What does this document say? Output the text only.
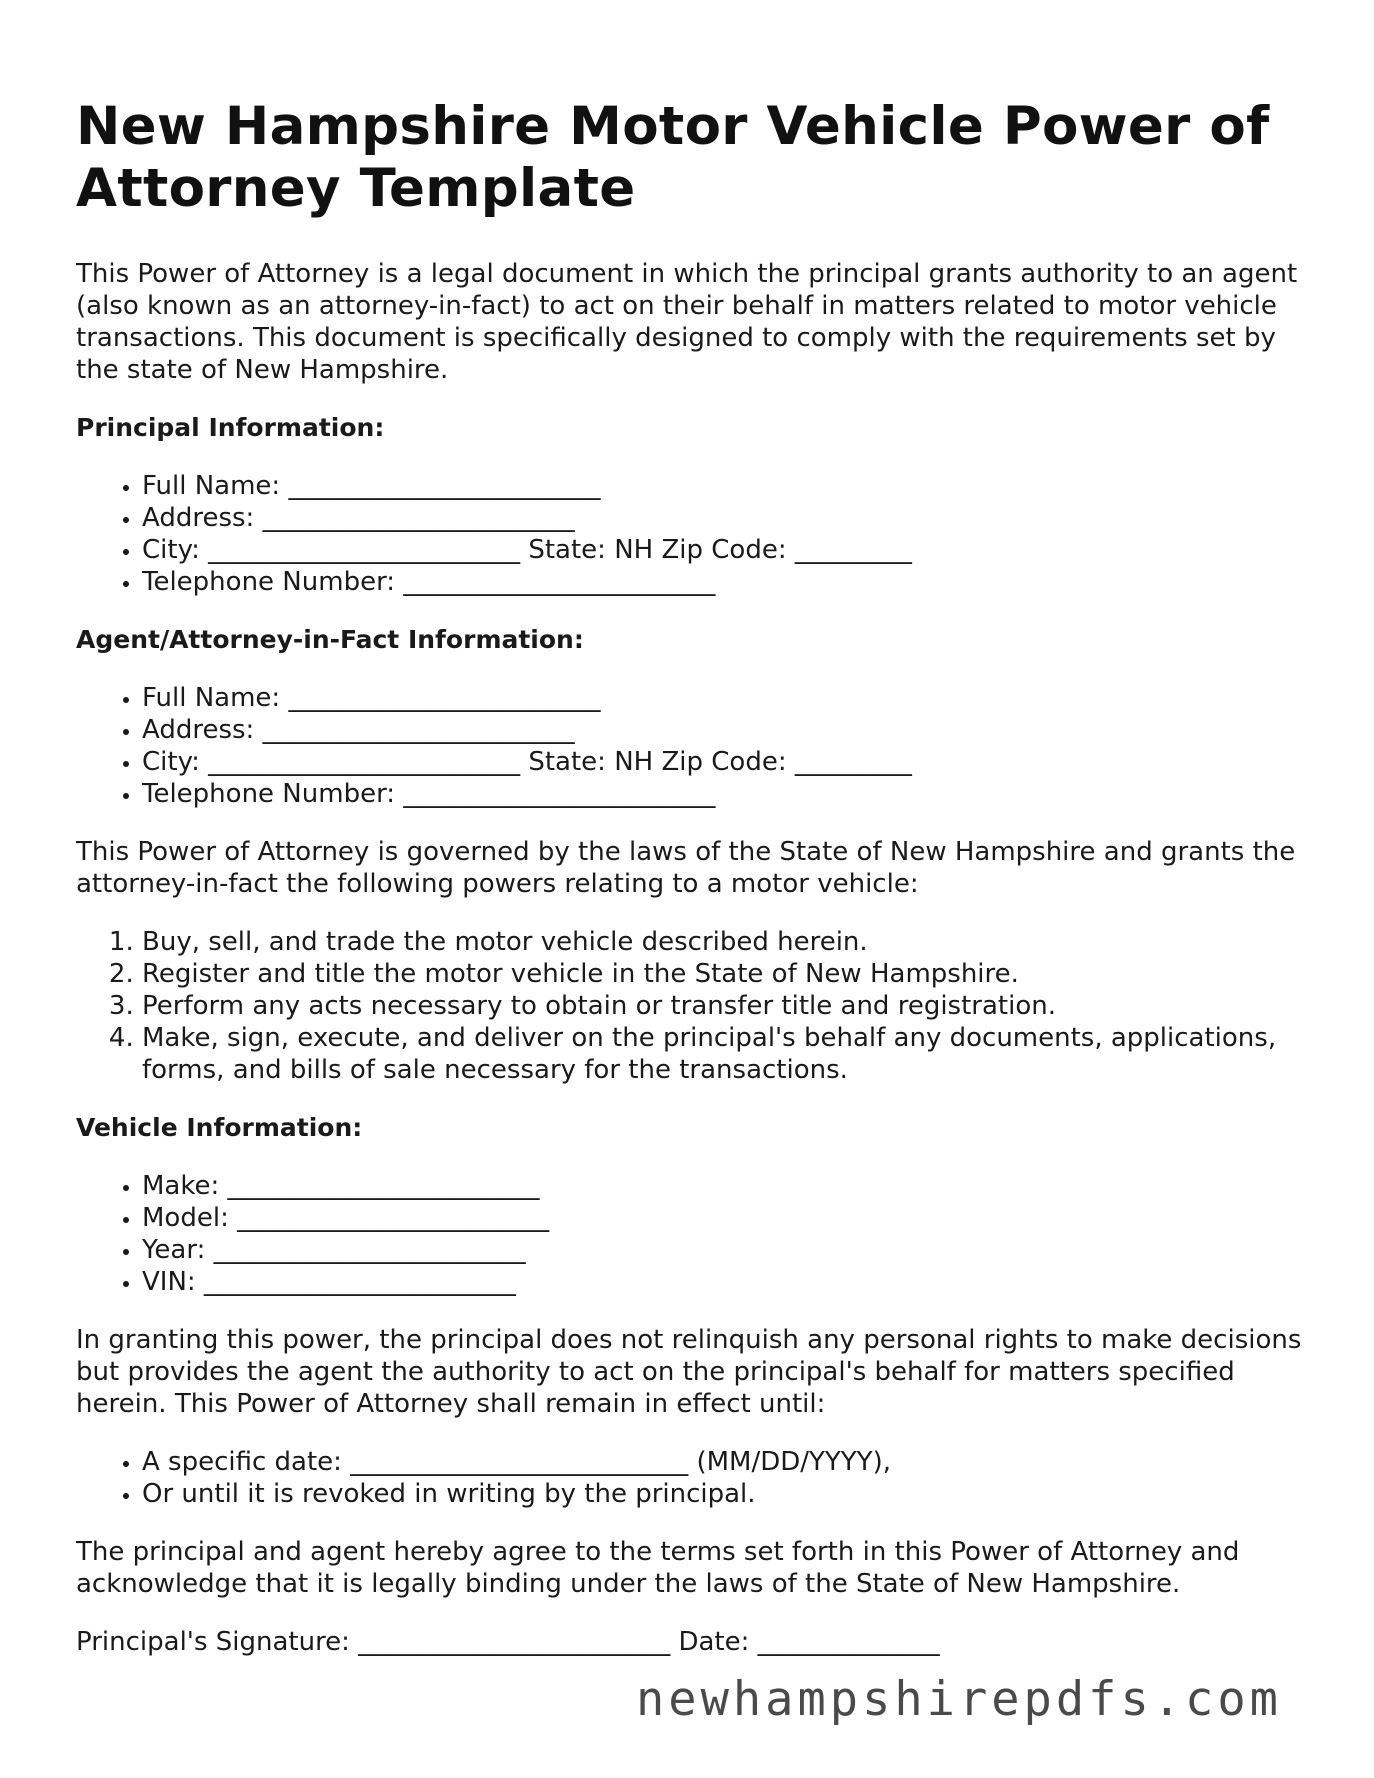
New Hampshire Motor Vehicle Power of Attorney Template

This Power of Attorney is a legal document in which the principal grants authority to an agent (also known as an attorney-in-fact) to act on their behalf in matters related to motor vehicle transactions. This document is specifically designed to comply with the requirements set by the state of New Hampshire.

Principal Information:
• Full Name: ________________________
• Address: ________________________
• City: ________________________ State: NH Zip Code: _________
• Telephone Number: ________________________
Agent/Attorney-in-Fact Information:
• Full Name: ________________________
• Address: ________________________
• City: ________________________ State: NH Zip Code: _________
• Telephone Number: ________________________

This Power of Attorney is governed by the laws of the State of New Hampshire and grants the attorney-in-fact the following powers relating to a motor vehicle:

1. Buy, sell, and trade the motor vehicle described herein.
2. Register and title the motor vehicle in the State of New Hampshire.
3. Perform any acts necessary to obtain or transfer title and registration.
4. Make, sign, execute, and deliver on the principal's behalf any documents, applications, forms, and bills of sale necessary for the transactions.
Vehicle Information:
• Make: ________________________
• Model: ________________________
• Year: ________________________
• VIN: ________________________

In granting this power, the principal does not relinquish any personal rights to make decisions but provides the agent the authority to act on the principal's behalf for matters specified herein. This Power of Attorney shall remain in effect until:

• A specific date: __________________________ (MM/DD/YYYY),
• Or until it is revoked in writing by the principal.

The principal and agent hereby agree to the terms set forth in this Power of Attorney and acknowledge that it is legally binding under the laws of the State of New Hampshire.

Principal's Signature: ________________________ Date: ______________
newhampshirepdfs.com
